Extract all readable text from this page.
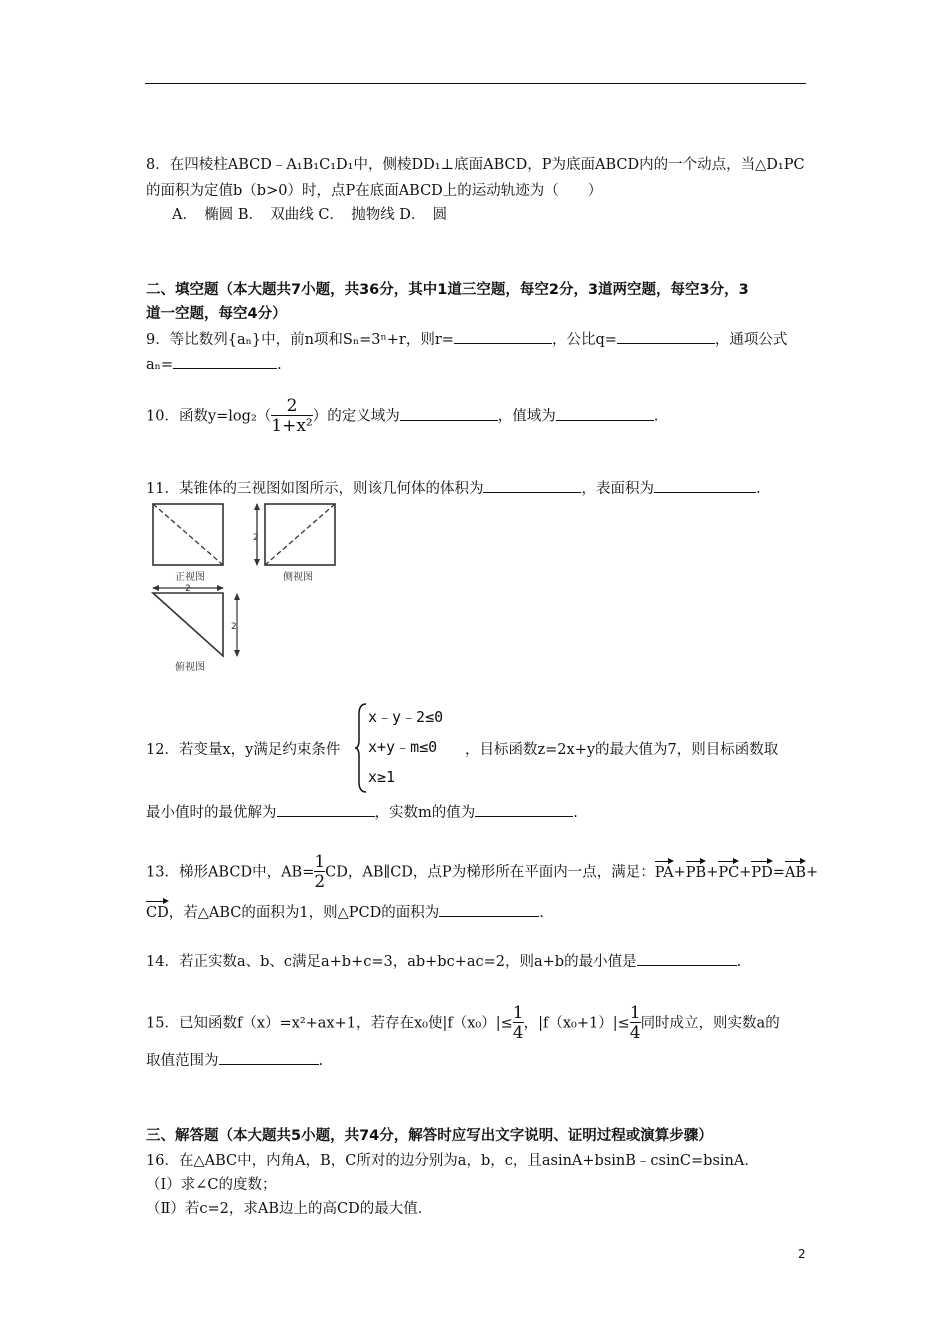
8．在四棱柱ABCD﹣A₁B₁C₁D₁中，侧棱DD₁⊥底面ABCD，P为底面ABCD内的一个动点，当△D₁PC
的面积为定值b（b>0）时，点P在底面ABCD上的运动轨迹为（　　）
A．　椭圆 B．　双曲线 C．　抛物线 D．　圆
二、填空题（本大题共7小题，共36分，其中1道三空题，每空2分，3道两空题，每空3分，3
道一空题，每空4分）
9．等比数列{aₙ}中，前n项和Sₙ=3ⁿ+r，则r=	，公比q=	，通项公式
aₙ=	.
10．函数$y=\log_2( \frac{2}{\text{1+x²}}$ ）的定义域为	，值域为	.
11．某锥体的三视图如图所示，则该几何体的体积为	，表面积为	.
正视图
2
侧视图
2
2
俯视图
12．若变量x，y满足约束条件
x﹣y﹣2≤0
x+y﹣m≤0
x≥1
，目标函数z=2x+y的最大值为7，则目标函数取
最小值时的最优解为	，实数m的值为	.
13．梯形ABCD中，$AB= \frac{1}{2}$ CD，AB∥CD，点P为梯形所在平面内一点，满足：PA+PB+PC+PD=AB+
CD，若△ABC的面积为1，则△PCD的面积为	.
14．若正实数a、b、c满足a+b+c=3，ab+bc+ac=2，则a+b的最小值是	.
15．已知函数f（x）=x²+ax+1，若存在x₀使$|f(x_0)|\le \frac{1}{4}$ ，$|f(x_0+1)|\le \frac{1}{4}$ 同时成立，则实数a的
取值范围为	.
三、解答题（本大题共5小题，共74分，解答时应写出文字说明、证明过程或演算步骤）
16．在△ABC中，内角A，B，C所对的边分别为a，b，c，且asinA+bsinB﹣csinC=bsinA．
（Ⅰ）求∠C的度数；
（Ⅱ）若c=2，求AB边上的高CD的最大值．
2
